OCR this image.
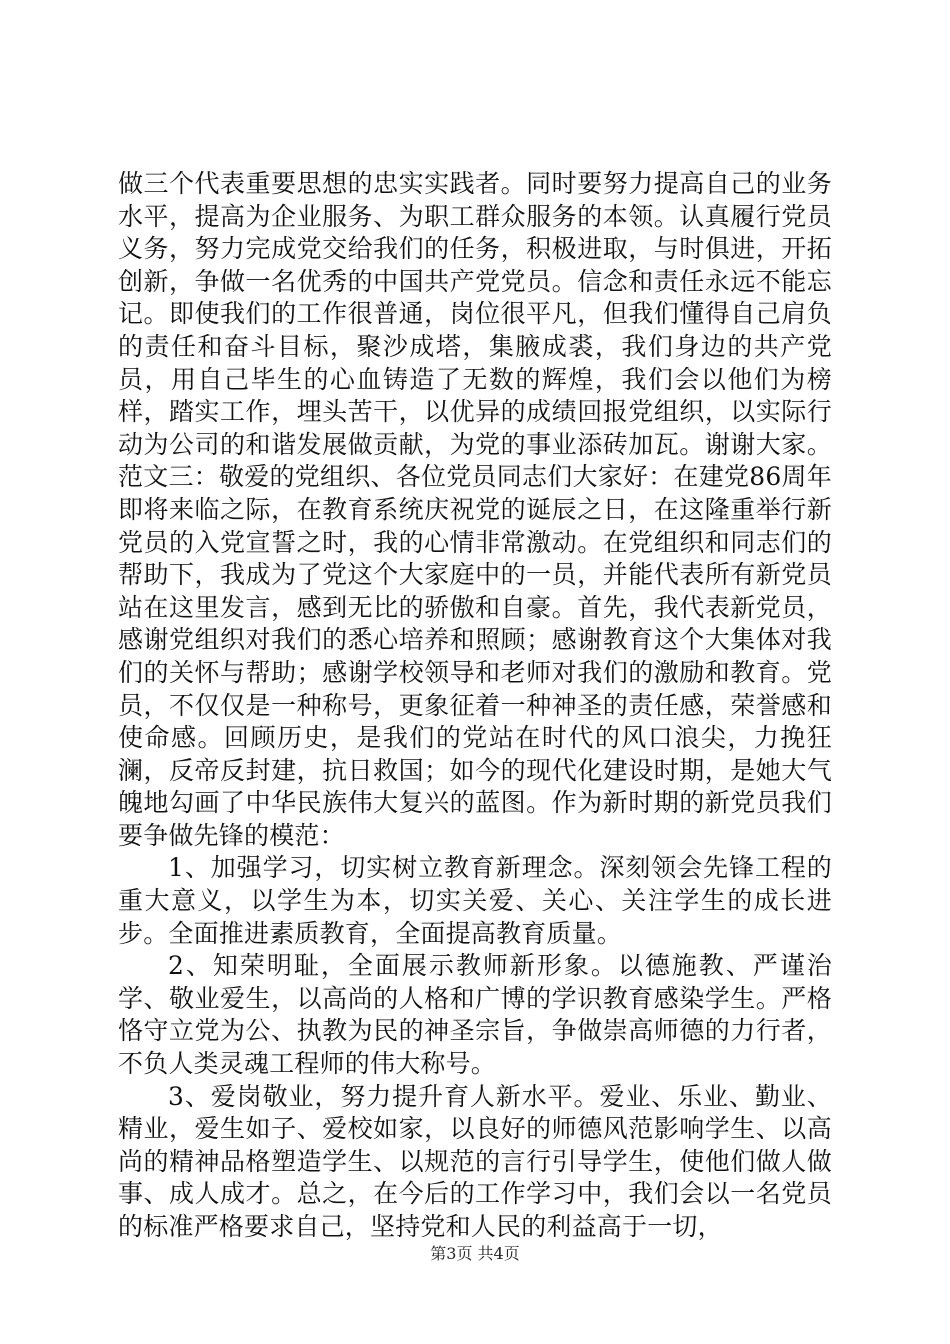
做三个代表重要思想的忠实实践者。同时要努力提高自己的业务水平，提高为企业服务、为职工群众服务的本领。认真履行党员义务，努力完成党交给我们的任务，积极进取，与时俱进，开拓创新，争做一名优秀的中国共产党党员。信念和责任永远不能忘记。即使我们的工作很普通，岗位很平凡，但我们懂得自己肩负的责任和奋斗目标，聚沙成塔，集腋成裘，我们身边的共产党员，用自己毕生的心血铸造了无数的辉煌，我们会以他们为榜样，踏实工作，埋头苦干，以优异的成绩回报党组织，以实际行动为公司的和谐发展做贡献，为党的事业添砖加瓦。谢谢大家。范文三：敬爱的党组织、各位党员同志们大家好：在建党86周年即将来临之际，在教育系统庆祝党的诞辰之日，在这隆重举行新党员的入党宣誓之时，我的心情非常激动。在党组织和同志们的帮助下，我成为了党这个大家庭中的一员，并能代表所有新党员站在这里发言，感到无比的骄傲和自豪。首先，我代表新党员，感谢党组织对我们的悉心培养和照顾；感谢教育这个大集体对我们的关怀与帮助；感谢学校领导和老师对我们的激励和教育。党员，不仅仅是一种称号，更象征着一种神圣的责任感，荣誉感和使命感。回顾历史，是我们的党站在时代的风口浪尖，力挽狂澜，反帝反封建，抗日救国；如今的现代化建设时期，是她大气魄地勾画了中华民族伟大复兴的蓝图。作为新时期的新党员我们要争做先锋的模范：

1、加强学习，切实树立教育新理念。深刻领会先锋工程的重大意义，以学生为本，切实关爱、关心、关注学生的成长进步。全面推进素质教育，全面提高教育质量。

2、知荣明耻，全面展示教师新形象。以德施教、严谨治学、敬业爱生，以高尚的人格和广博的学识教育感染学生。严格恪守立党为公、执教为民的神圣宗旨，争做崇高师德的力行者，不负人类灵魂工程师的伟大称号。

3、爱岗敬业，努力提升育人新水平。爱业、乐业、勤业、精业，爱生如子、爱校如家，以良好的师德风范影响学生、以高尚的精神品格塑造学生、以规范的言行引导学生，使他们做人做事、成人成才。总之，在今后的工作学习中，我们会以一名党员的标准严格要求自己，坚持党和人民的利益高于一切，

第3页 共4页
